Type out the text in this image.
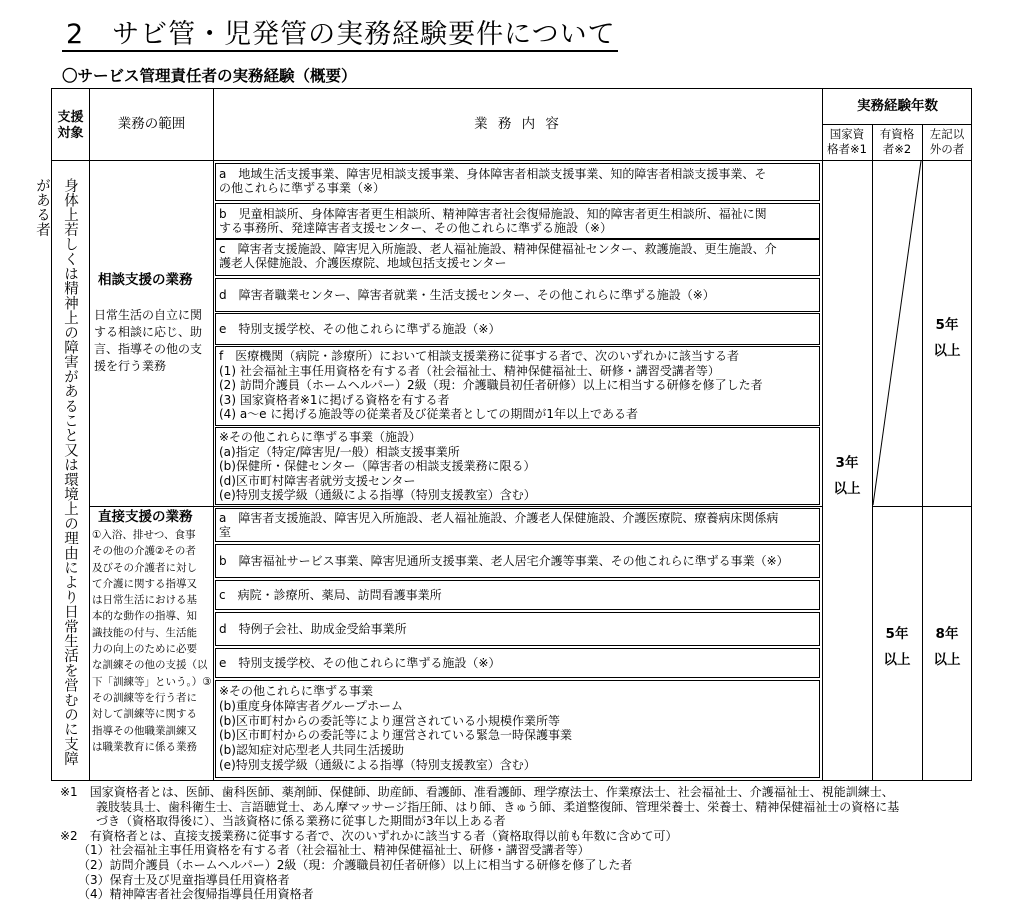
2　サビ管・児発管の実務経験要件について
〇サービス管理責任者の実務経験（概要）
支援
対象
業務の範囲	業 務 内 容
実務経験年数
国家資
格者※1
有資格
者※2
左記以
外の者
身体上若しくは精神上の障害があること又は環境上の理由により日常生活を営むのに支障がある者
相談支援の業務
日常生活の自立に関する相談に応じ、助言、指導その他の支援を行う業務
a　地域生活支援事業、障害児相談支援事業、身体障害者相談支援事業、知的障害者相談支援事業、そ
の他これらに準ずる事業（※）
b　児童相談所、身体障害者更生相談所、精神障害者社会復帰施設、知的障害者更生相談所、福祉に関
する事務所、発達障害者支援センター、その他これらに準ずる施設（※）
c　障害者支援施設、障害児入所施設、老人福祉施設、精神保健福祉センター、救護施設、更生施設、介
護老人保健施設、介護医療院、地域包括支援センター
d　障害者職業センター、障害者就業・生活支援センター、その他これらに準ずる施設（※）
e　特別支援学校、その他これらに準ずる施設（※）
f　医療機関（病院・診療所）において相談支援業務に従事する者で、次のいずれかに該当する者
(1) 社会福祉主事任用資格を有する者（社会福祉士、精神保健福祉士、研修・講習受講者等）
(2) 訪問介護員（ホームヘルパー）2級（現：介護職員初任者研修）以上に相当する研修を修了した者
(3) 国家資格者※1に掲げる資格を有する者
(4) a～e に掲げる施設等の従業者及び従業者としての期間が1年以上である者
※その他これらに準ずる事業（施設）
(a)指定（特定/障害児/一般）相談支援事業所
(b)保健所・保健センター（障害者の相談支援業務に限る）
(d)区市町村障害者就労支援センター
(e)特別支援学級（通級による指導（特別支援教室）含む）
直接支援の業務
①入浴、排せつ、食事
その他の介護②その者
及びその介護者に対し
て介護に関する指導又
は日常生活における基
本的な動作の指導、知
識技能の付与、生活能
力の向上のために必要
な訓練その他の支援（以
下「訓練等」という。）③
その訓練等を行う者に
対して訓練等に関する
指導その他職業訓練又
は職業教育に係る業務
a　障害者支援施設、障害児入所施設、老人福祉施設、介護老人保健施設、介護医療院、療養病床関係病
室
b　障害福祉サービス事業、障害児通所支援事業、老人居宅介護等事業、その他これらに準ずる事業（※）
c　病院・診療所、薬局、訪問看護事業所
d　特例子会社、助成金受給事業所
e　特別支援学校、その他これらに準ずる施設（※）
※その他これらに準ずる事業
(b)重度身体障害者グループホーム
(b)区市町村からの委託等により運営されている小規模作業所等
(b)区市町村からの委託等により運営されている緊急一時保護事業
(b)認知症対応型老人共同生活援助
(e)特別支援学級（通級による指導（特別支援教室）含む）
3年
以上
5年
以上
5年
以上
8年
以上
※1　国家資格者とは、医師、歯科医師、薬剤師、保健師、助産師、看護師、准看護師、理学療法士、作業療法士、社会福祉士、介護福祉士、視能訓練士、
　　　義肢装具士、歯科衛生士、言語聴覚士、あん摩マッサージ指圧師、はり師、きゅう師、柔道整復師、管理栄養士、栄養士、精神保健福祉士の資格に基
　　　づき（資格取得後に）、当該資格に係る業務に従事した期間が3年以上ある者
※2　有資格者とは、直接支援業務に従事する者で、次のいずれかに該当する者（資格取得以前も年数に含めて可）
　　（1）社会福祉主事任用資格を有する者（社会福祉士、精神保健福祉士、研修・講習受講者等）
　　（2）訪問介護員（ホームヘルパー）2級（現：介護職員初任者研修）以上に相当する研修を修了した者
　　（3）保育士及び児童指導員任用資格者
　　（4）精神障害者社会復帰指導員任用資格者
